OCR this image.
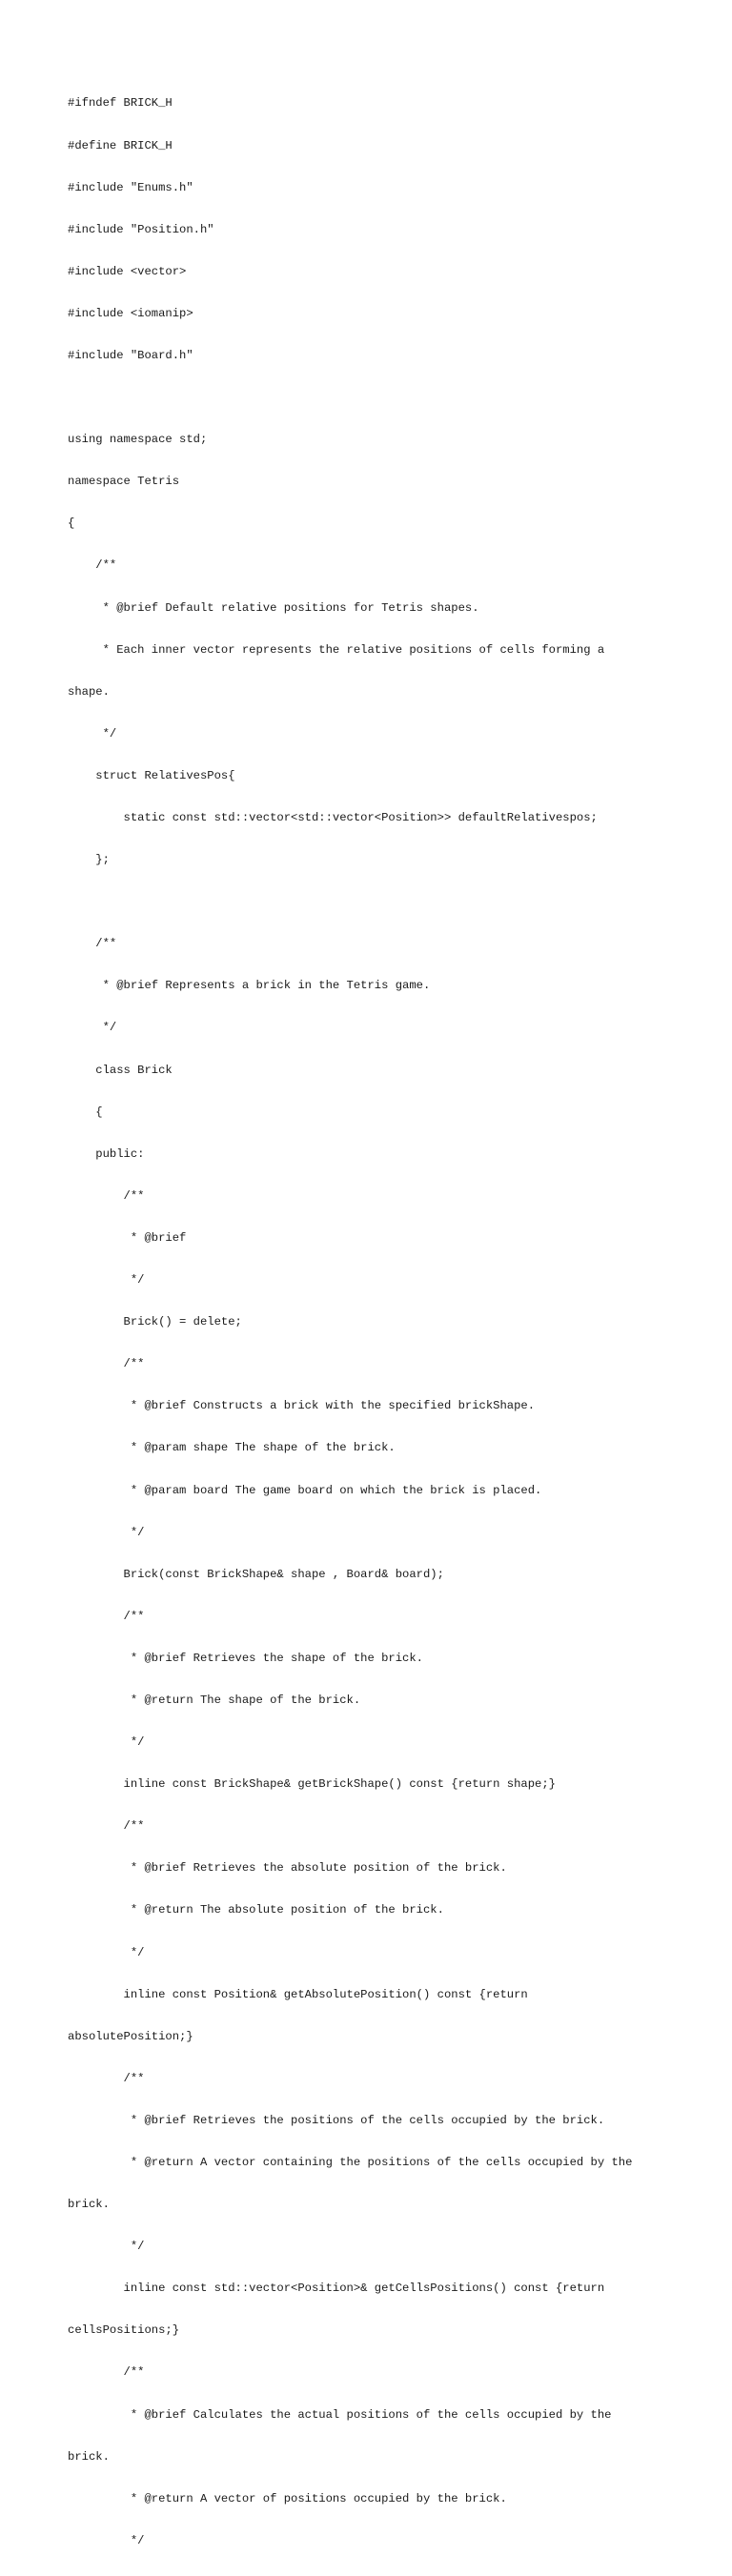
#ifndef BRICK_H

#define BRICK_H

#include "Enums.h"

#include "Position.h"

#include <vector>

#include <iomanip>

#include "Board.h"

using namespace std;

namespace Tetris

{

/**

* @brief Default relative positions for Tetris shapes.

* Each inner vector represents the relative positions of cells forming a

shape.

*/

struct RelativesPos{

static const std::vector<std::vector<Position>> defaultRelativespos;

};

/**

* @brief Represents a brick in the Tetris game.

*/

class Brick

{

public:

/**

* @brief

*/

Brick() = delete;

/**

* @brief Constructs a brick with the specified brickShape.

* @param shape The shape of the brick.

* @param board The game board on which the brick is placed.

*/

Brick(const BrickShape& shape , Board& board);

/**

* @brief Retrieves the shape of the brick.

* @return The shape of the brick.

*/

inline const BrickShape& getBrickShape() const {return shape;}

/**

* @brief Retrieves the absolute position of the brick.

* @return The absolute position of the brick.

*/

inline const Position& getAbsolutePosition() const {return

absolutePosition;}

/**

* @brief Retrieves the positions of the cells occupied by the brick.

* @return A vector containing the positions of the cells occupied by the

brick.

*/

inline const std::vector<Position>& getCellsPositions() const {return

cellsPositions;}

/**

* @brief Calculates the actual positions of the cells occupied by the

brick.

* @return A vector of positions occupied by the brick.

*/
